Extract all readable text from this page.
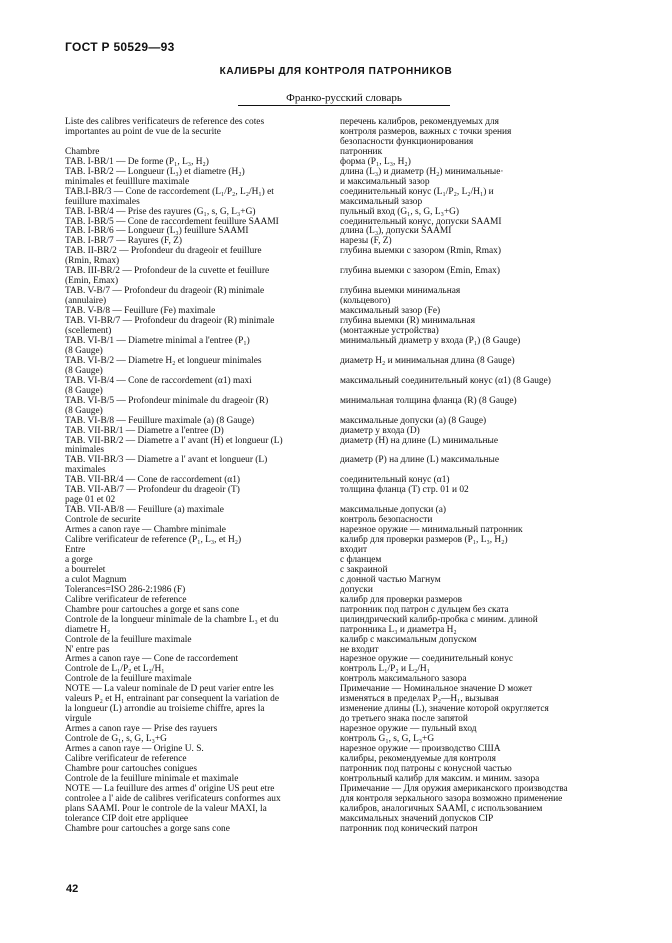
ГОСТ Р 50529—93
КАЛИБРЫ ДЛЯ КОНТРОЛЯ ПАТРОННИКОВ
Франко-русский словарь
Liste des calibres verificateurs de reference des cotes
importantes au point de vue de la securite

Chambre
TAB. I-BR/1 — De forme (P₁, L₃, H₂)
TAB. I-BR/2 — Longueur (L₃) et diametre (H₂)
minimales et feuilllure maximale
TAB.I-BR/3 — Cone de raccordement (L₁/P₂, L₂/H₁) et
feuillure maximales
TAB. I-BR/4 — Prise des rayures (G₁, s, G, L₃+G)
TAB. I-BR/5 — Cone de raccordement feuillure SAAMI
TAB. I-BR/6 — Longueur (L₃) feuillure SAAMI
TAB. I-BR/7 — Rayures (F, Z)
TAB. II-BR/2 — Profondeur du drageoir et feuillure
(Rmin, Rmax)
TAB. III-BR/2 — Profondeur de la cuvette et feuillure
(Emin, Emax)
TAB. V-B/7 — Profondeur du drageoir (R) minimale
(annulaire)
TAB. V-B/8 — Feuillure (Fe) maximale
TAB. VI-BR/7 — Profondeur du drageoir (R) minimale
(scellement)
TAB. VI-B/1 — Diametre minimal a l'entree (P₁)
(8 Gauge)
TAB. VI-B/2 — Diametre H₂ et longueur minimales
(8 Gauge)
TAB. VI-B/4 — Cone de raccordement (α1) maxi
(8 Gauge)
TAB. VI-B/5 — Profondeur minimale du drageoir (R)
(8 Gauge)
TAB. VI-B/8 — Feuillure maximale (a) (8 Gauge)
TAB. VII-BR/1 — Diametre a l'entree (D)
TAB. VII-BR/2 — Diametre a l' avant (H) et longueur (L)
minimales
TAB. VII-BR/3 — Diametre a l' avant et longueur (L)
maximales
TAB. VII-BR/4 — Cone de raccordement (α1)
TAB. VII-AB/7 — Profondeur du drageoir (T)
page 01 et 02
TAB. VII-AB/8 — Feuillure (a) maximale
Controle de securite
Armes a canon raye — Chambre minimale
Calibre verificateur de reference (P₁, L₃, et H₂)
Entre
a gorge
a bourrelet
a culot Magnum
Tolerances=ISO 286-2:1986 (F)
Calibre verificateur de reference
Chambre pour cartouches a gorge et sans cone
Controle de la longueur minimale de la chambre L₃ et du
diametre H₂
Controle de la feuillure maximale
N' entre pas
Armes a canon raye — Cone de raccordement
Controle de L₁/P₂ et L₂/H₁
Controle de la feuillure maximale
NOTE — La valeur nominale de D peut varier entre les
valeurs P₂ et H₁ entrainant par consequent la variation de
la longueur (L) arrondie au troisieme chiffre, apres la
virgule
Armes a canon raye — Prise des rayuers
Controle de G₁, s, G, L₃+G
Armes a canon raye — Origine U. S.
Calibre verificateur de reference
Chambre pour cartouches conigues
Controle de la feuillure minimale et maximale
NOTE — La feuillure des armes d' origine US peut etre
controlee a l' aide de calibres verificateurs conformes aux
plans SAAMI. Pour le controle de la valeur MAXI, la
tolerance CIP doit etre appliquee
Chambre pour cartouches a gorge sans cone
перечень калибров, рекомендуемых для
контроля размеров, важных с точки зрения
безопасности функционирования
патронник
форма (P₁, L₃, H₂)
длина (L₃) и диаметр (H₂) минимальные·
и максимальный зазор
соединительный конус (L₁/P₂, L₂/H₁) и
максимальный зазор
пульный вход (G₁, s, G, L₃+G)
соединительный конус, допуски SAAMI
длина (L₃), допуски SAAMI
нарезы (F, Z)
глубина выемки с зазором (Rmin, Rmax)

глубина выемки с зазором (Emin, Emax)

глубина выемки минимальная
(кольцевого)
максимальный зазор (Fe)
глубина выемки (R) минимальная
(монтажные устройства)
минимальный диаметр у входа (P₁) (8 Gauge)

диаметр H₂ и минимальная длина (8 Gauge)

максимальный соединительный конус (α1) (8 Gauge)

минимальная толщина фланца (R) (8 Gauge)

максимальные допуски (a) (8 Gauge)
диаметр у входа (D)
диаметр (H) на длине (L) минимальные

диаметр (P) на длине (L) максимальные

соединительный конус (α1)
толщина фланца (T) стр. 01 и 02

максимальные допуски (a)
контроль безопасности
нарезное оружие — минимальный патронник
калибр для проверки размеров (P₁, L₃, H₂)
входит
с фланцем
с закраиной
с донной частью Магнум
допуски
калибр для проверки размеров
патронник под патрон с дульцем без ската
цилиндрический калибр-пробка с миним. длиной
патронника L₃ и диаметра H₂
калибр с максимальным допуском
не входит
нарезное оружие — соединительный конус
контроль L₁/P₂ и L₂/H₁
контроль максимального зазора
Примечание — Номинальное значение D может
изменяться в пределах P₂—H₁, вызывая
изменение длины (L), значение которой округляется
до третьего знака после запятой
нарезное оружие — пульный вход
контроль G₁, s, G, L₃+G
нарезное оружие — производство США
калибры, рекомендуемые для контроля
патронник под патроны с конусной частью
контрольный калибр для максим. и миним. зазора
Примечание — Для оружия американского производства
для контроля зеркального зазора возможно применение
калибров, аналогичных SAAMI, с использованием
максимальных значений допусков CIP
патронник под конический патрон
42
